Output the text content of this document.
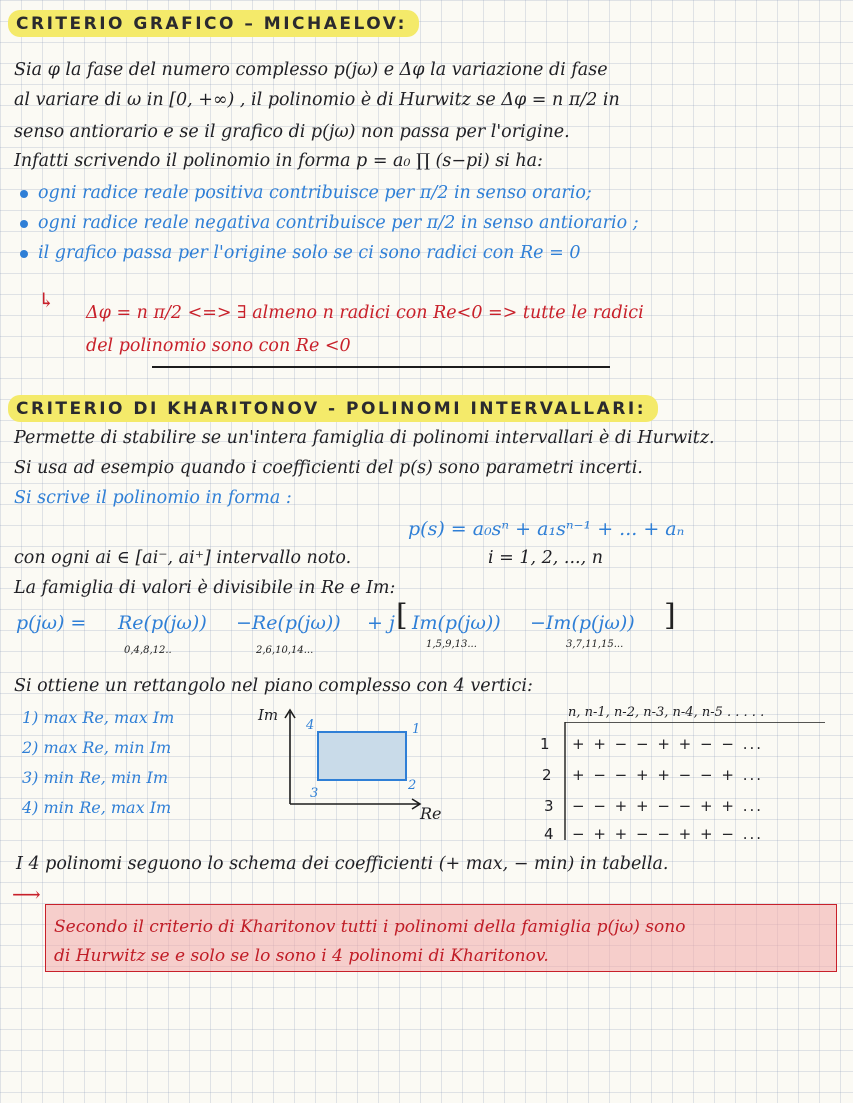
CRITERIO GRAFICO – MICHAELOV:
Sia φ la fase del numero complesso p(jω) e Δφ la variazione di fase
al variare di ω in [0, +∞) , il polinomio è di Hurwitz se Δφ = n π/2 in
senso antiorario e se il grafico di p(jω) non passa per l'origine.
Infatti scrivendo il polinomio in forma p = a₀ ∏ (s−pi) si ha:
ogni radice reale positiva contribuisce per π/2 in senso orario;
ogni radice reale negativa contribuisce per π/2 in senso antiorario ;
il grafico passa per l'origine solo se ci sono radici con Re = 0
↳
Δφ = n π/2 <=> ∃ almeno n radici con Re<0 => tutte le radici
del polinomio sono con Re <0
CRITERIO DI KHARITONOV - POLINOMI INTERVALLARI:
Permette di stabilire se un'intera famiglia di polinomi intervallari è di Hurwitz.
Si usa ad esempio quando i coefficienti del p(s) sono parametri incerti.
Si scrive il polinomio in forma :
p(s) = a₀sⁿ + a₁sⁿ⁻¹ + ... + aₙ
con ogni ai ∈ [ai⁻, ai⁺] intervallo noto.	i = 1, 2, ..., n
La famiglia di valori è divisibile in Re e Im:
p(jω) = Re(p(jω)) −Re(p(jω)) + j [ Im(p(jω)) −Im(p(jω)) ]
0,4,8,12..	2,6,10,14...
1,5,9,13...	3,7,11,15...
Si ottiene un rettangolo nel piano complesso con 4 vertici:
1) max Re, max Im
2) max Re, min Im
3) min Re, min Im
4) min Re, max Im
Im
Re
4	1
2
3
n, n-1, n-2, n-3, n-4, n-5 . . . . .
1 + + − − + + − − ...
2 + − − + + − − + ...
3 − − + + − − + + ...
4 − + + − − + + − ...
I 4 polinomi seguono lo schema dei coefficienti (+ max, − min) in tabella.
⟶
Secondo il criterio di Kharitonov tutti i polinomi della famiglia p(jω) sono
di Hurwitz se e solo se lo sono i 4 polinomi di Kharitonov.
